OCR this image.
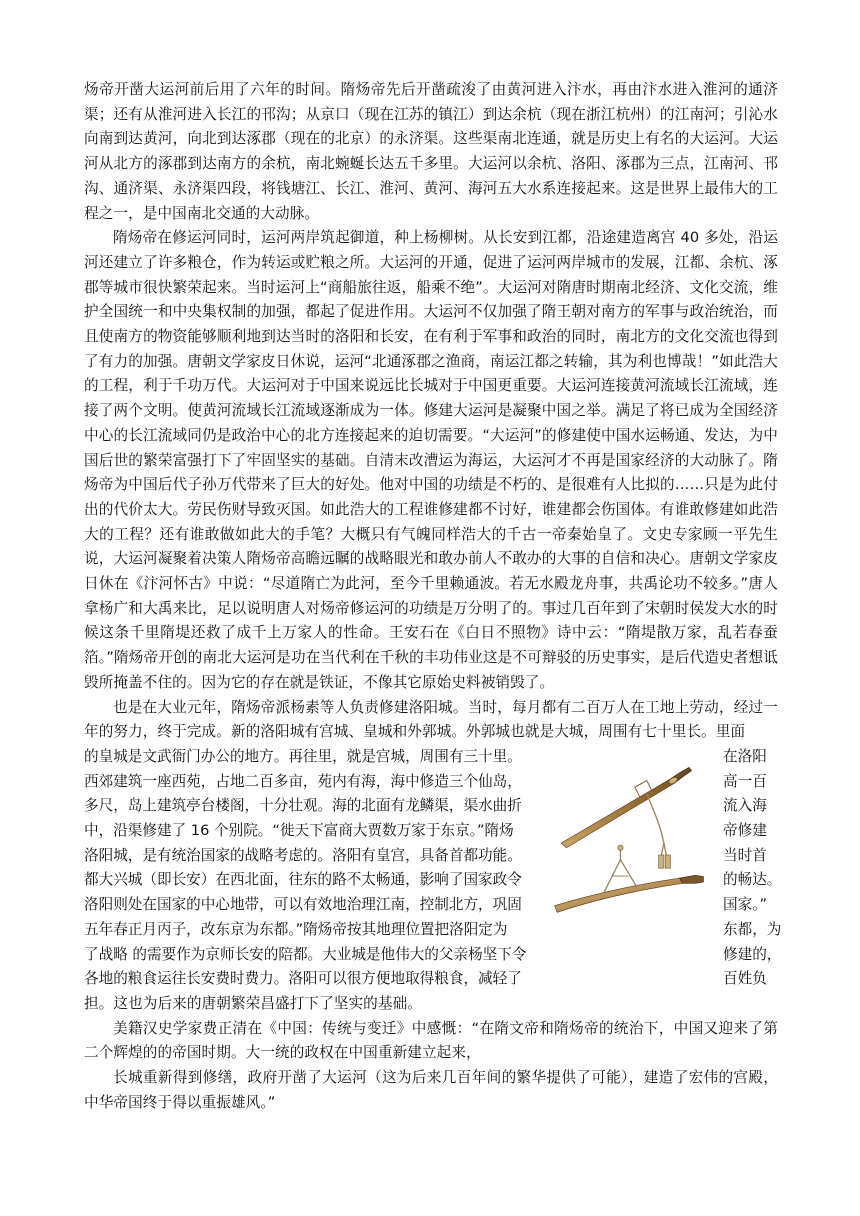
炀帝开凿大运河前后用了六年的时间。隋炀帝先后开凿疏浚了由黄河进入汴水，再由汴水进入淮河的通济渠；还有从淮河进入长江的邗沟；从京口（现在江苏的镇江）到达余杭（现在浙江杭州）的江南河；引沁水向南到达黄河，向北到达涿郡（现在的北京）的永济渠。这些渠南北连通，就是历史上有名的大运河。大运河从北方的涿郡到达南方的余杭，南北蜿蜒长达五千多里。大运河以余杭、洛阳、涿郡为三点，江南河、邗沟、通济渠、永济渠四段，将钱塘江、长江、淮河、黄河、海河五大水系连接起来。这是世界上最伟大的工程之一，是中国南北交通的大动脉。

隋炀帝在修运河同时，运河两岸筑起御道，种上杨柳树。从长安到江都，沿途建造离宫 40 多处，沿运河还建立了许多粮仓，作为转运或贮粮之所。大运河的开通，促进了运河两岸城市的发展，江都、余杭、涿郡等城市很快繁荣起来。当时运河上“商船旅往返，船乘不绝”。大运河对隋唐时期南北经济、文化交流，维护全国统一和中央集权制的加强，都起了促进作用。大运河不仅加强了隋王朝对南方的军事与政治统治，而且使南方的物资能够顺利地到达当时的洛阳和长安，在有利于军事和政治的同时，南北方的文化交流也得到了有力的加强。唐朝文学家皮日休说，运河“北通涿郡之渔商，南运江都之转输，其为利也博哉！”如此浩大的工程，利于千功万代。大运河对于中国来说远比长城对于中国更重要。大运河连接黄河流域长江流域，连接了两个文明。使黄河流域长江流域逐渐成为一体。修建大运河是凝聚中国之举。满足了将已成为全国经济中心的长江流域同仍是政治中心的北方连接起来的迫切需要。“大运河”的修建使中国水运畅通、发达，为中国后世的繁荣富强打下了牢固坚实的基础。自清末改漕运为海运，大运河才不再是国家经济的大动脉了。隋炀帝为中国后代子孙万代带来了巨大的好处。他对中国的功绩是不朽的、是很难有人比拟的……只是为此付出的代价太大。劳民伤财导致灭国。如此浩大的工程谁修建都不讨好，谁建都会伤国体。有谁敢修建如此浩大的工程？还有谁敢做如此大的手笔？大概只有气魄同样浩大的千古一帝秦始皇了。文史专家顾一平先生说，大运河凝聚着决策人隋炀帝高瞻远瞩的战略眼光和敢办前人不敢办的大事的自信和决心。唐朝文学家皮日休在《汴河怀古》中说：“尽道隋亡为此河，至今千里赖通波。若无水殿龙舟事，共禹论功不较多。”唐人拿杨广和大禹来比，足以说明唐人对炀帝修运河的功绩是万分明了的。事过几百年到了宋朝时侯发大水的时候这条千里隋堤还救了成千上万家人的性命。王安石在《白日不照物》诗中云：“隋堤散万家，乱若春蚕箔。”隋炀帝开创的南北大运河是功在当代利在千秋的丰功伟业这是不可辩驳的历史事实，是后代造史者想诋毁所掩盖不住的。因为它的存在就是铁证，不像其它原始史料被销毁了。

也是在大业元年，隋炀帝派杨素等人负责修建洛阳城。当时，每月都有二百万人在工地上劳动，经过一年的努力，终于完成。新的洛阳城有宫城、皇城和外郭城。外郭城也就是大城，周围有七十里长。里面

的皇城是文武衙门办公的地方。再往里，就是宫城，周围有三十里。	在洛阳
西郊建筑一座西苑，占地二百多亩，苑内有海，海中修造三个仙岛，	高一百
多尺，岛上建筑亭台楼阁，十分壮观。海的北面有龙鳞渠，渠水曲折	流入海
中，沿渠修建了 16 个别院。“徙天下富商大贾数万家于东京。”隋炀	帝修建
洛阳城，是有统治国家的战略考虑的。洛阳有皇宫，具备首都功能。	当时首
都大兴城（即长安）在西北面，往东的路不太畅通，影响了国家政令	的畅达。
洛阳则处在国家的中心地带，可以有效地治理江南，控制北方，巩固	国家。”
五年春正月丙子，改东京为东都。”隋炀帝按其地理位置把洛阳定为	东都，为
了战略 的需要作为京师长安的陪都。大业城是他伟大的父亲杨坚下令	修建的，
各地的粮食运往长安费时费力。洛阳可以很方便地取得粮食，减轻了	百姓负

担。这也为后来的唐朝繁荣昌盛打下了坚实的基础。

美籍汉史学家费正清在《中国：传统与变迁》中感慨：“在隋文帝和隋炀帝的统治下，中国又迎来了第二个辉煌的的帝国时期。大一统的政权在中国重新建立起来，

长城重新得到修缮，政府开凿了大运河（这为后来几百年间的繁华提供了可能），建造了宏伟的宫殿，中华帝国终于得以重振雄风。”
